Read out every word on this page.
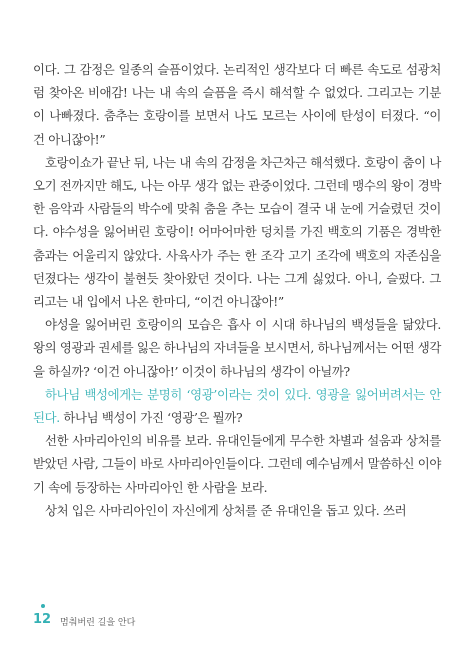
이다. 그 감정은 일종의 슬픔이었다. 논리적인 생각보다 더 빠른 속도로 섬광처럼 찾아온 비애감! 나는 내 속의 슬픔을 즉시 해석할 수 없었다. 그리고는 기분이 나빠졌다. 춤추는 호랑이를 보면서 나도 모르는 사이에 탄성이 터졌다. “이건 아니잖아!”

호랑이쇼가 끝난 뒤, 나는 내 속의 감정을 차근차근 해석했다. 호랑이 춤이 나오기 전까지만 해도, 나는 아무 생각 없는 관중이었다. 그런데 맹수의 왕이 경박한 음악과 사람들의 박수에 맞춰 춤을 추는 모습이 결국 내 눈에 거슬렸던 것이다. 야수성을 잃어버린 호랑이! 어마어마한 덩치를 가진 백호의 기품은 경박한 춤과는 어울리지 않았다. 사육사가 주는 한 조각 고기 조각에 백호의 자존심을 던졌다는 생각이 불현듯 찾아왔던 것이다. 나는 그게 싫었다. 아니, 슬펐다. 그리고는 내 입에서 나온 한마디, “이건 아니잖아!”

야성을 잃어버린 호랑이의 모습은 흡사 이 시대 하나님의 백성들을 닮았다. 왕의 영광과 권세를 잃은 하나님의 자녀들을 보시면서, 하나님께서는 어떤 생각을 하실까? ‘이건 아니잖아!’ 이것이 하나님의 생각이 아닐까?

하나님 백성에게는 분명히 ‘영광’이라는 것이 있다. 영광을 잃어버려서는 안 된다. 하나님 백성이 가진 ‘영광’은 뭘까?

선한 사마리아인의 비유를 보라. 유대인들에게 무수한 차별과 설움과 상처를 받았던 사람, 그들이 바로 사마리아인들이다. 그런데 예수님께서 말씀하신 이야기 속에 등장하는 사마리아인 한 사람을 보라.

상처 입은 사마리아인이 자신에게 상처를 준 유대인을 돕고 있다. 쓰러

12 멈춰버린 길을 안다
